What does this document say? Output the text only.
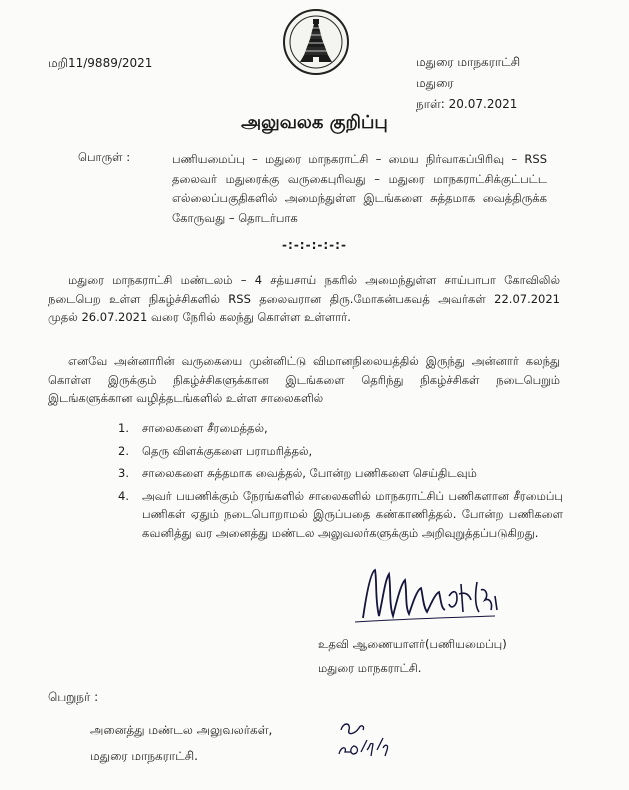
மறி11/9889/2021	மதுரை மாநகராட்சி
மதுரை
நாள்: 20.07.2021
அலுவலக குறிப்பு
பொருள் :	பணியமைப்பு – மதுரை மாநகராட்சி – மைய நிர்வாகப்பிரிவு – RSS தலைவர் மதுரைக்கு வருகைபுரிவது – மதுரை மாநகராட்சிக்குட்பட்ட எல்லைப்பகுதிகளில் அமைந்துள்ள இடங்களை சுத்தமாக வைத்திருக்க கோருவது – தொடர்பாக
-:-:-:-:-:-
மதுரை மாநகராட்சி மண்டலம் – 4 சத்யசாய் நகரில் அமைந்துள்ள சாய்பாபா கோவிலில் நடைபெற உள்ள நிகழ்ச்சிகளில் RSS தலைவரான திரு.மோகன்பகவத் அவர்கள் 22.07.2021 முதல் 26.07.2021 வரை நேரில் கலந்து கொள்ள உள்ளார்.
எனவே அன்னாரின் வருகையை முன்னிட்டு விமானநிலையத்தில் இருந்து அன்னார் கலந்து கொள்ள இருக்கும் நிகழ்ச்சிகளுக்கான இடங்களை தெரிந்து நிகழ்ச்சிகள் நடைபெறும் இடங்களுக்கான வழித்தடங்களில் உள்ள சாலைகளில்
1.	சாலைகளை சீரமைத்தல்,
2.	தெரு விளக்குகளை பராமரித்தல்,
3.	சாலைகளை சுத்தமாக வைத்தல், போன்ற பணிகளை செய்திடவும்
4.	அவர் பயணிக்கும் நேரங்களில் சாலைகளில் மாநகராட்சிப் பணிகளான சீரமைப்பு பணிகள் ஏதும் நடைபொறாமல் இருப்பதை கண்காணித்தல். போன்ற பணிகளை கவனித்து வர அனைத்து மண்டல அலுவலர்களுக்கும் அறிவுறுத்தப்படுகிறது.
உதவி ஆணையாளர்(பணியமைப்பு)
மதுரை மாநகராட்சி.
பெறுநர் :
அனைத்து மண்டல அலுவலர்கள்,
மதுரை மாநகராட்சி.
